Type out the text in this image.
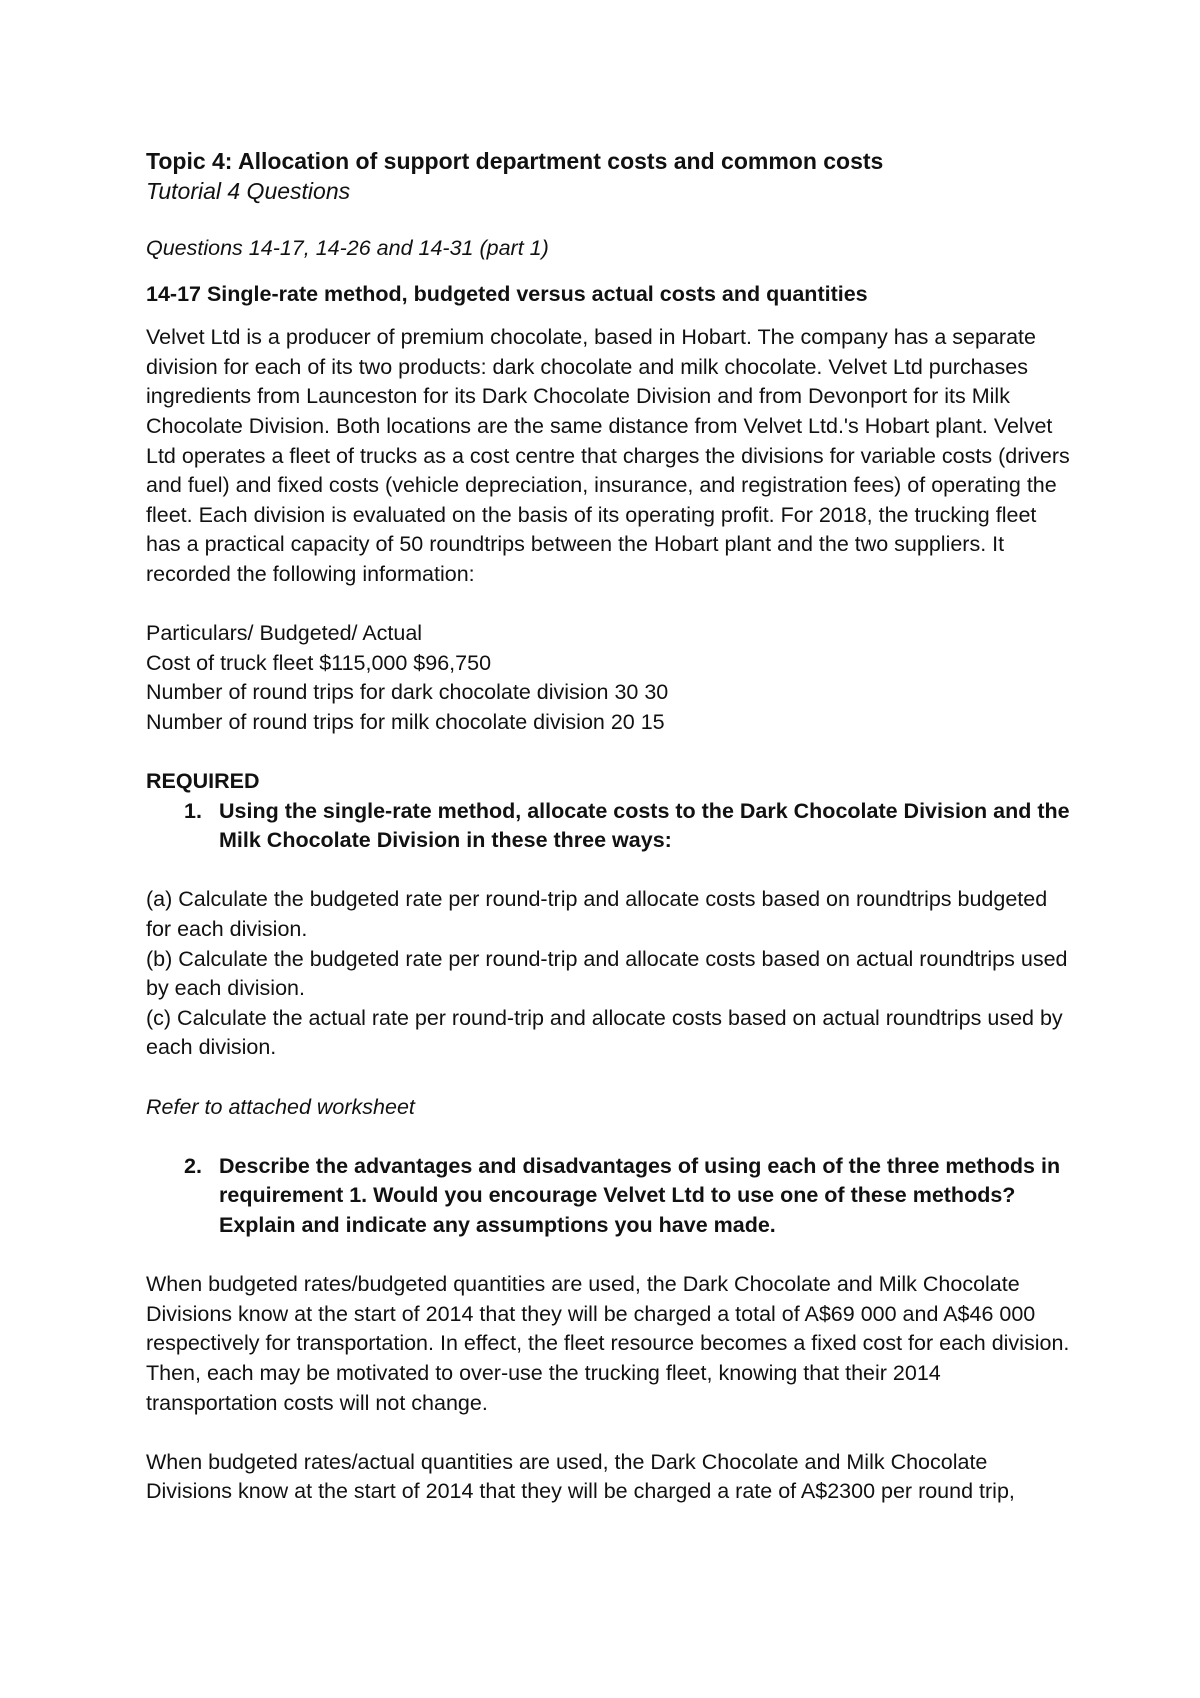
Topic 4: Allocation of support department costs and common costs

Tutorial 4 Questions

Questions 14-17, 14-26 and 14-31 (part 1)

14-17 Single-rate method, budgeted versus actual costs and quantities

Velvet Ltd is a producer of premium chocolate, based in Hobart. The company has a separate division for each of its two products: dark chocolate and milk chocolate. Velvet Ltd purchases ingredients from Launceston for its Dark Chocolate Division and from Devonport for its Milk Chocolate Division. Both locations are the same distance from Velvet Ltd.'s Hobart plant. Velvet Ltd operates a fleet of trucks as a cost centre that charges the divisions for variable costs (drivers and fuel) and fixed costs (vehicle depreciation, insurance, and registration fees) of operating the fleet. Each division is evaluated on the basis of its operating profit. For 2018, the trucking fleet has a practical capacity of 50 roundtrips between the Hobart plant and the two suppliers. It recorded the following information:

Particulars/ Budgeted/ Actual
Cost of truck fleet $115,000 $96,750
Number of round trips for dark chocolate division 30 30
Number of round trips for milk chocolate division 20 15

REQUIRED

1. Using the single-rate method, allocate costs to the Dark Chocolate Division and the Milk Chocolate Division in these three ways:

(a) Calculate the budgeted rate per round-trip and allocate costs based on roundtrips budgeted for each division.

(b) Calculate the budgeted rate per round-trip and allocate costs based on actual roundtrips used by each division.

(c) Calculate the actual rate per round-trip and allocate costs based on actual roundtrips used by each division.

Refer to attached worksheet

2. Describe the advantages and disadvantages of using each of the three methods in requirement 1. Would you encourage Velvet Ltd to use one of these methods? Explain and indicate any assumptions you have made.

When budgeted rates/budgeted quantities are used, the Dark Chocolate and Milk Chocolate Divisions know at the start of 2014 that they will be charged a total of A$69 000 and A$46 000 respectively for transportation. In effect, the fleet resource becomes a fixed cost for each division. Then, each may be motivated to over-use the trucking fleet, knowing that their 2014 transportation costs will not change.

When budgeted rates/actual quantities are used, the Dark Chocolate and Milk Chocolate Divisions know at the start of 2014 that they will be charged a rate of A$2300 per round trip,
